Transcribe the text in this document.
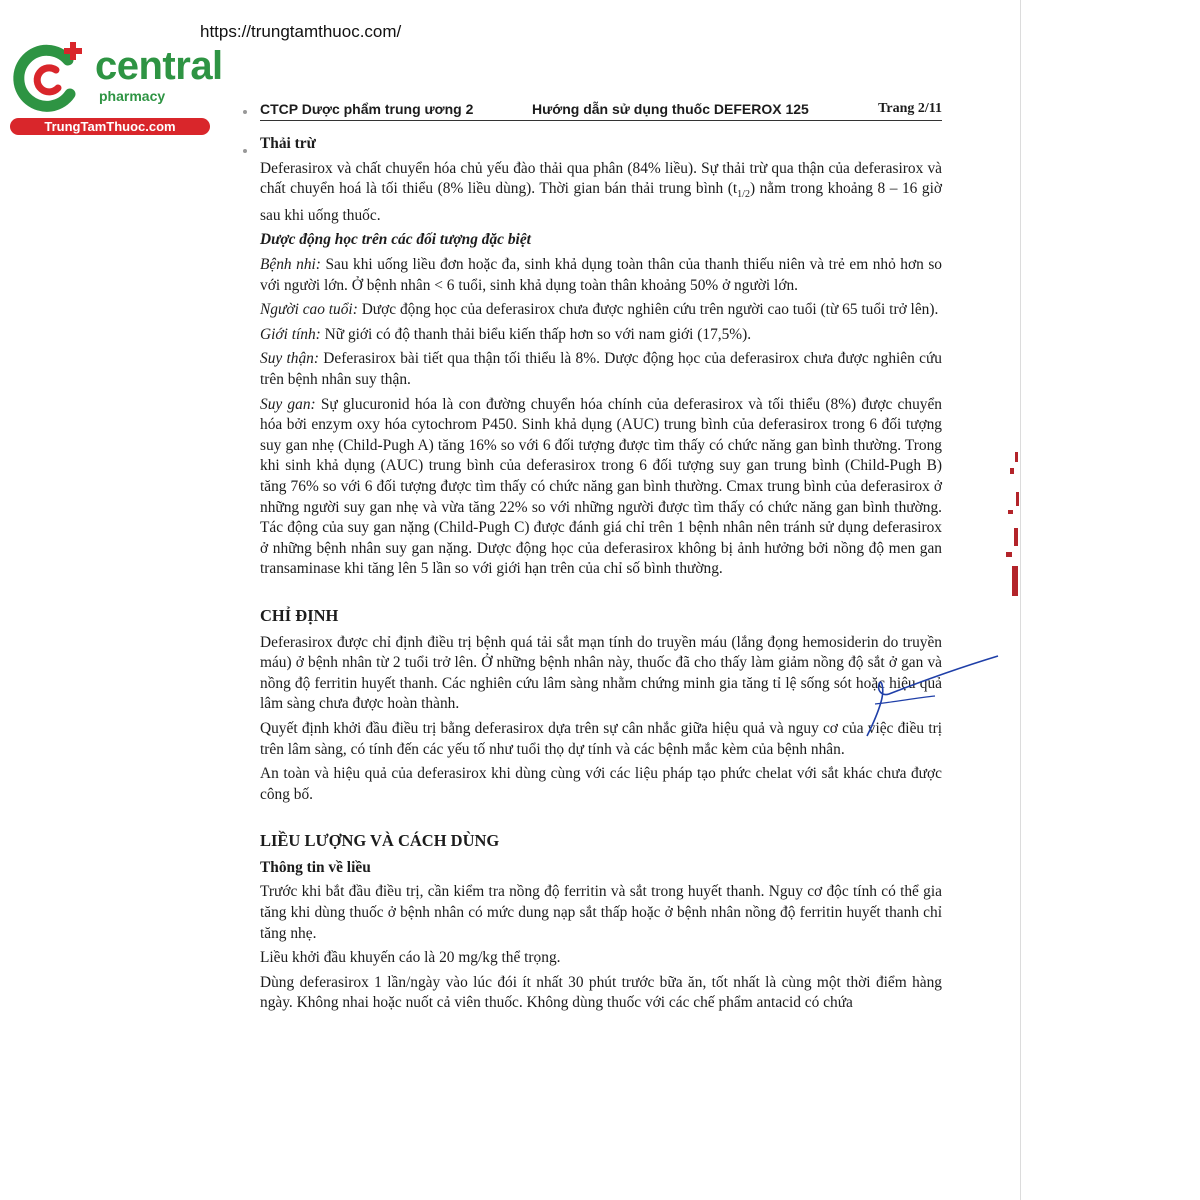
https://trungtamthuoc.com/
central
pharmacy
TrungTamThuoc.com
CTCP Dược phẩm trung ương 2	Hướng dẫn sử dụng thuốc DEFEROX 125	Trang 2/11
Thải trừ

Deferasirox và chất chuyển hóa chủ yếu đào thải qua phân (84% liều). Sự thải trừ qua thận của deferasirox và chất chuyển hoá là tối thiểu (8% liều dùng). Thời gian bán thải trung bình $(t_{1/2})$ nằm trong khoảng 8 – 16 giờ sau khi uống thuốc.

Dược động học trên các đối tượng đặc biệt

Bệnh nhi: Sau khi uống liều đơn hoặc đa, sinh khả dụng toàn thân của thanh thiếu niên và trẻ em nhỏ hơn so với người lớn. Ở bệnh nhân < 6 tuổi, sinh khả dụng toàn thân khoảng 50% ở người lớn.

Người cao tuổi: Dược động học của deferasirox chưa được nghiên cứu trên người cao tuổi (từ 65 tuổi trở lên).

Giới tính: Nữ giới có độ thanh thải biểu kiến thấp hơn so với nam giới (17,5%).

Suy thận: Deferasirox bài tiết qua thận tối thiểu là 8%. Dược động học của deferasirox chưa được nghiên cứu trên bệnh nhân suy thận.

Suy gan: Sự glucuronid hóa là con đường chuyển hóa chính của deferasirox và tối thiểu (8%) được chuyển hóa bởi enzym oxy hóa cytochrom P450. Sinh khả dụng (AUC) trung bình của deferasirox trong 6 đối tượng suy gan nhẹ (Child-Pugh A) tăng 16% so với 6 đối tượng được tìm thấy có chức năng gan bình thường. Trong khi sinh khả dụng (AUC) trung bình của deferasirox trong 6 đối tượng suy gan trung bình (Child-Pugh B) tăng 76% so với 6 đối tượng được tìm thấy có chức năng gan bình thường. Cmax trung bình của deferasirox ở những người suy gan nhẹ và vừa tăng 22% so với những người được tìm thấy có chức năng gan bình thường. Tác động của suy gan nặng (Child-Pugh C) được đánh giá chỉ trên 1 bệnh nhân nên tránh sử dụng deferasirox ở những bệnh nhân suy gan nặng. Dược động học của deferasirox không bị ảnh hưởng bởi nồng độ men gan transaminase khi tăng lên 5 lần so với giới hạn trên của chỉ số bình thường.

CHỈ ĐỊNH

Deferasirox được chỉ định điều trị bệnh quá tải sắt mạn tính do truyền máu (lắng đọng hemosiderin do truyền máu) ở bệnh nhân từ 2 tuổi trở lên. Ở những bệnh nhân này, thuốc đã cho thấy làm giảm nồng độ sắt ở gan và nồng độ ferritin huyết thanh. Các nghiên cứu lâm sàng nhằm chứng minh gia tăng tỉ lệ sống sót hoặc hiệu quả lâm sàng chưa được hoàn thành.

Quyết định khởi đầu điều trị bằng deferasirox dựa trên sự cân nhắc giữa hiệu quả và nguy cơ của việc điều trị trên lâm sàng, có tính đến các yếu tố như tuổi thọ dự tính và các bệnh mắc kèm của bệnh nhân.

An toàn và hiệu quả của deferasirox khi dùng cùng với các liệu pháp tạo phức chelat với sắt khác chưa được công bố.

LIỀU LƯỢNG VÀ CÁCH DÙNG
Thông tin về liều

Trước khi bắt đầu điều trị, cần kiểm tra nồng độ ferritin và sắt trong huyết thanh. Nguy cơ độc tính có thể gia tăng khi dùng thuốc ở bệnh nhân có mức dung nạp sắt thấp hoặc ở bệnh nhân nồng độ ferritin huyết thanh chỉ tăng nhẹ.

Liều khởi đầu khuyến cáo là 20 mg/kg thể trọng.

Dùng deferasirox 1 lần/ngày vào lúc đói ít nhất 30 phút trước bữa ăn, tốt nhất là cùng một thời điểm hàng ngày. Không nhai hoặc nuốt cả viên thuốc. Không dùng thuốc với các chế phẩm antacid có chứa
